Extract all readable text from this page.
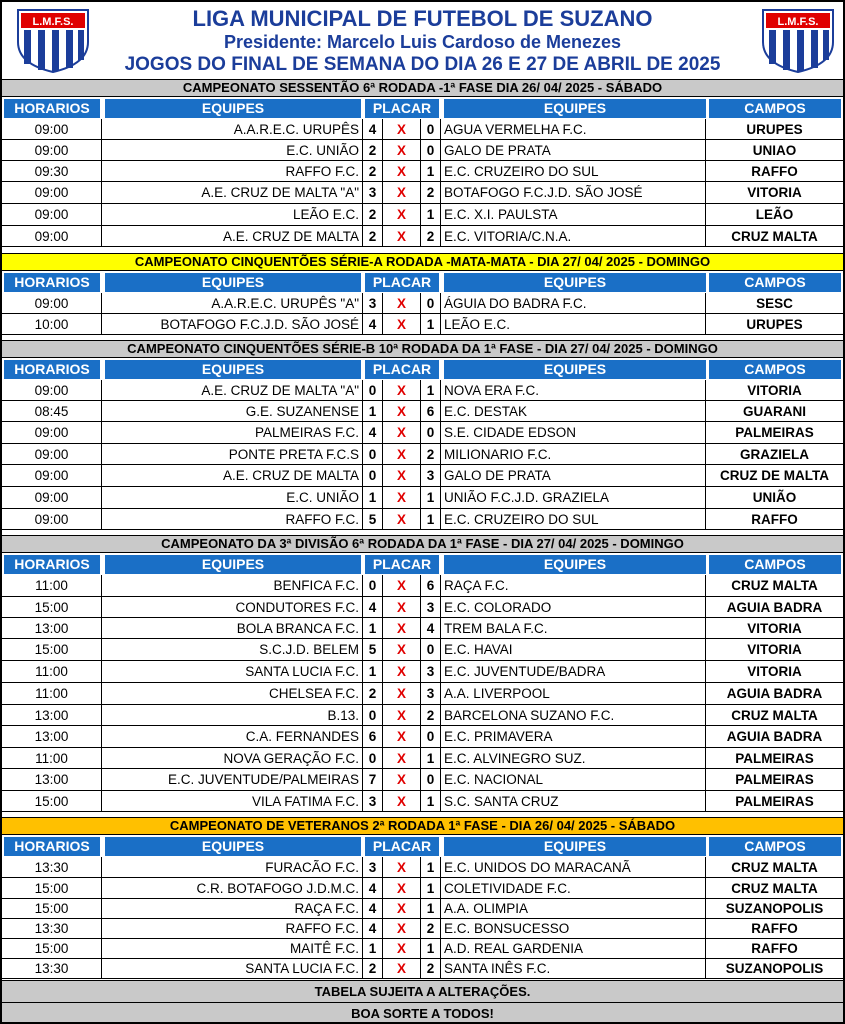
L.M.F.S.	LIGA MUNICIPAL DE FUTEBOL DE SUZANO
Presidente: Marcelo Luis Cardoso de Menezes
JOGOS DO FINAL DE SEMANA DO DIA 26 E 27 DE ABRIL DE 2025
L.M.F.S.
CAMPEONATO SESSENTÃO 6ª RODADA -1ª FASE DIA 26/ 04/ 2025 - SÁBADO
HORARIOS	EQUIPES	PLACAR	EQUIPES	CAMPOS
09:00	A.A.R.E.C. URUPÊS 4	X	0 AGUA VERMELHA F.C.	URUPES
09:00	E.C. UNIÃO 2	X	0 GALO DE PRATA	UNIAO
09:30	RAFFO F.C. 2	X	1 E.C. CRUZEIRO DO SUL	RAFFO
09:00	A.E. CRUZ DE MALTA "A" 3	X	2 BOTAFOGO F.C.J.D. SÃO JOSÉ	VITORIA
09:00	LEÃO E.C. 2	X	1 E.C. X.I. PAULSTA	LEÃO
09:00	A.E. CRUZ DE MALTA 2	X	2 E.C. VITORIA/C.N.A.	CRUZ MALTA
CAMPEONATO CINQUENTÕES SÉRIE-A RODADA -MATA-MATA - DIA 27/ 04/ 2025 - DOMINGO
HORARIOS	EQUIPES	PLACAR	EQUIPES	CAMPOS
09:00	A.A.R.E.C. URUPÊS "A" 3	X	0 ÁGUIA DO BADRA F.C.	SESC
10:00	BOTAFOGO F.C.J.D. SÃO JOSÉ 4	X	1 LEÃO E.C.	URUPES
CAMPEONATO CINQUENTÕES SÉRIE-B 10ª RODADA DA 1ª FASE - DIA 27/ 04/ 2025 - DOMINGO
HORARIOS	EQUIPES	PLACAR	EQUIPES	CAMPOS
09:00	A.E. CRUZ DE MALTA "A" 0	X	1 NOVA ERA F.C.	VITORIA
08:45	G.E. SUZANENSE 1	X	6 E.C. DESTAK	GUARANI
09:00	PALMEIRAS F.C. 4	X	0 S.E. CIDADE EDSON	PALMEIRAS
09:00	PONTE PRETA F.C.S 0	X	2 MILIONARIO F.C.	GRAZIELA
09:00	A.E. CRUZ DE MALTA 0	X	3 GALO DE PRATA	CRUZ DE MALTA
09:00	E.C. UNIÃO 1	X	1 UNIÃO F.C.J.D. GRAZIELA	UNIÃO
09:00	RAFFO F.C. 5	X	1 E.C. CRUZEIRO DO SUL	RAFFO
CAMPEONATO DA 3ª DIVISÃO 6ª RODADA DA 1ª FASE - DIA 27/ 04/ 2025 - DOMINGO
HORARIOS	EQUIPES	PLACAR	EQUIPES	CAMPOS
11:00	BENFICA F.C. 0	X	6 RAÇA F.C.	CRUZ MALTA
15:00	CONDUTORES F.C. 4	X	3 E.C. COLORADO	AGUIA BADRA
13:00	BOLA BRANCA F.C. 1	X	4 TREM BALA F.C.	VITORIA
15:00	S.C.J.D. BELEM 5	X	0 E.C. HAVAI	VITORIA
11:00	SANTA LUCIA F.C. 1	X	3 E.C. JUVENTUDE/BADRA	VITORIA
11:00	CHELSEA F.C. 2	X	3 A.A. LIVERPOOL	AGUIA BADRA
13:00	B.13. 0	X	2 BARCELONA SUZANO F.C.	CRUZ MALTA
13:00	C.A. FERNANDES 6	X	0 E.C. PRIMAVERA	AGUIA BADRA
11:00	NOVA GERAÇÃO F.C. 0	X	1 E.C. ALVINEGRO SUZ.	PALMEIRAS
13:00	E.C. JUVENTUDE/PALMEIRAS 7	X	0 E.C. NACIONAL	PALMEIRAS
15:00	VILA FATIMA F.C. 3	X	1 S.C. SANTA CRUZ	PALMEIRAS
CAMPEONATO DE VETERANOS 2ª RODADA 1ª FASE - DIA 26/ 04/ 2025 - SÁBADO
HORARIOS	EQUIPES	PLACAR	EQUIPES	CAMPOS
13:30	FURACÃO F.C. 3	X	1 E.C. UNIDOS DO MARACANÃ	CRUZ MALTA
15:00	C.R. BOTAFOGO J.D.M.C. 4	X	1 COLETIVIDADE F.C.	CRUZ MALTA
15:00	RAÇA F.C. 4	X	1 A.A. OLIMPIA	SUZANOPOLIS
13:30	RAFFO F.C. 4	X	2 E.C. BONSUCESSO	RAFFO
15:00	MAITÊ F.C. 1	X	1 A.D. REAL GARDENIA	RAFFO
13:30	SANTA LUCIA F.C. 2	X	2 SANTA INÊS F.C.	SUZANOPOLIS
TABELA SUJEITA A ALTERAÇÕES.
BOA SORTE A TODOS!
